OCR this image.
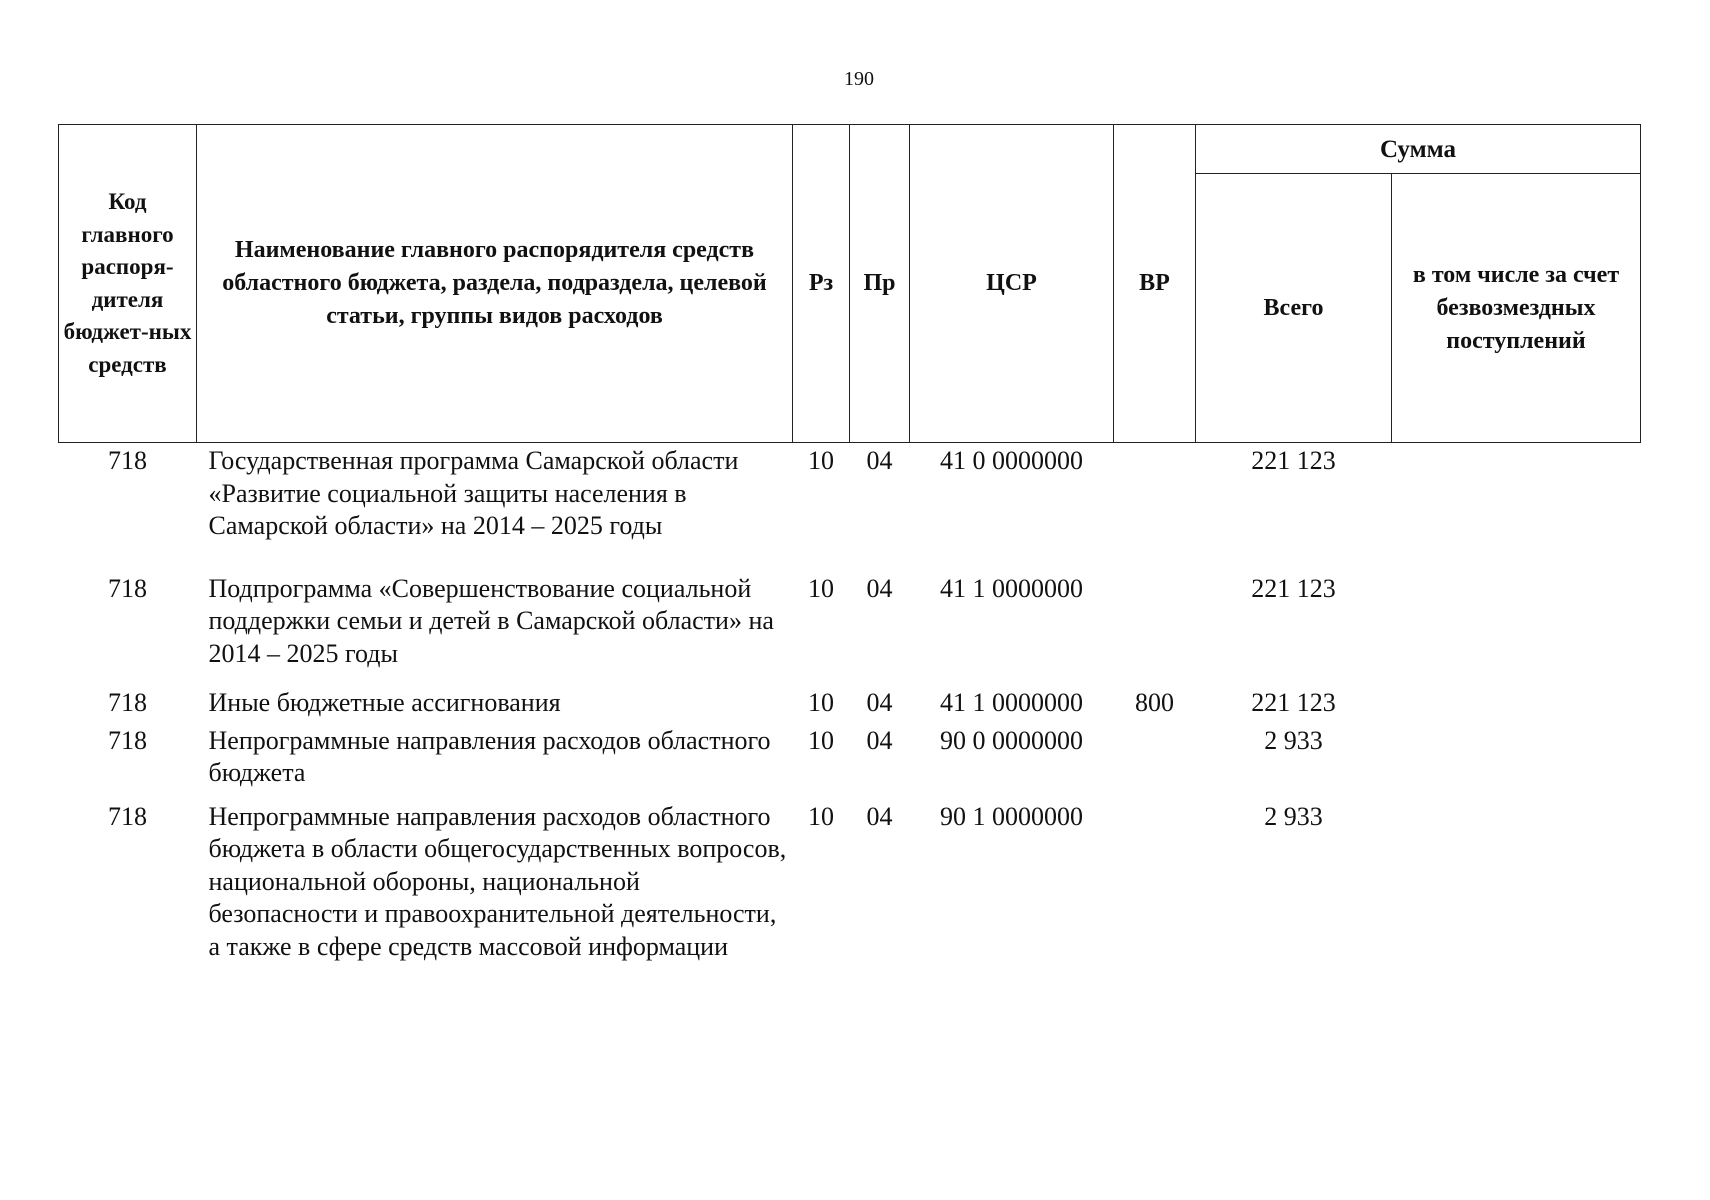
190
Код главного распоря-дителя бюджет-ных средств	Наименование главного распорядителя средств областного бюджета, раздела, подраздела, целевой статьи, группы видов расходов	Рз	Пр	ЦСР	ВР	Сумма	
						Всего	в том числе за счет безвозмездных поступлений
718	Государственная программа Самарской области «Развитие социальной защиты населения в Самарской области» на 2014 – 2025 годы	10	04	41 0 0000000		221 123	
718	Подпрограмма «Совершенствование социальной поддержки семьи и детей в Самарской области» на 2014 – 2025 годы	10	04	41 1 0000000		221 123	
718	Иные бюджетные ассигнования	10	04	41 1 0000000	800	221 123	
718	Непрограммные направления расходов областного бюджета	10	04	90 0 0000000		2 933	
718	Непрограммные направления расходов областного бюджета в области общегосударственных вопросов, национальной обороны, национальной безопасности и правоохранительной деятельности, а также в сфере средств массовой информации	10	04	90 1 0000000		2 933	
